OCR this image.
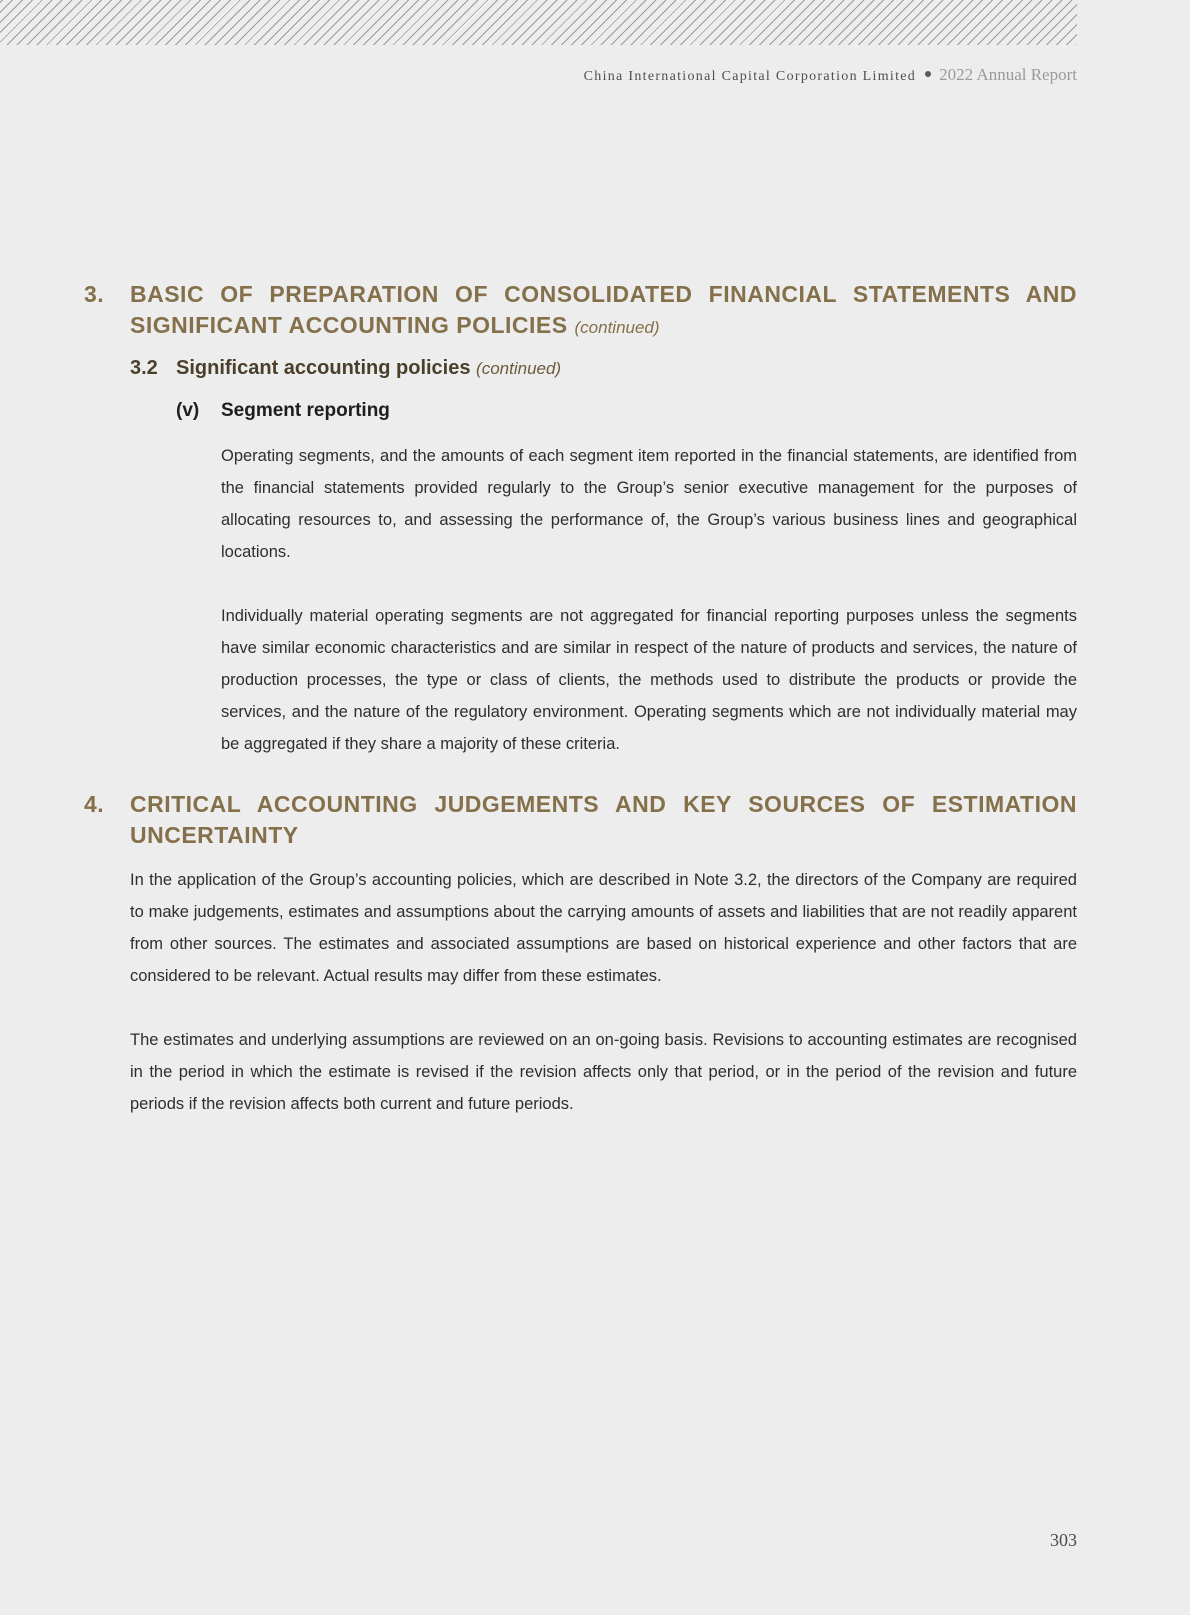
China International Capital Corporation Limited 2022 Annual Report
3. BASIC OF PREPARATION OF CONSOLIDATED FINANCIAL STATEMENTS AND SIGNIFICANT ACCOUNTING POLICIES (continued)
3.2 Significant accounting policies (continued)
(v) Segment reporting
Operating segments, and the amounts of each segment item reported in the financial statements, are identified from the financial statements provided regularly to the Group’s senior executive management for the purposes of allocating resources to, and assessing the performance of, the Group’s various business lines and geographical locations.
Individually material operating segments are not aggregated for financial reporting purposes unless the segments have similar economic characteristics and are similar in respect of the nature of products and services, the nature of production processes, the type or class of clients, the methods used to distribute the products or provide the services, and the nature of the regulatory environment. Operating segments which are not individually material may be aggregated if they share a majority of these criteria.
4. CRITICAL ACCOUNTING JUDGEMENTS AND KEY SOURCES OF ESTIMATION UNCERTAINTY
In the application of the Group’s accounting policies, which are described in Note 3.2, the directors of the Company are required to make judgements, estimates and assumptions about the carrying amounts of assets and liabilities that are not readily apparent from other sources. The estimates and associated assumptions are based on historical experience and other factors that are considered to be relevant. Actual results may differ from these estimates.
The estimates and underlying assumptions are reviewed on an on-going basis. Revisions to accounting estimates are recognised in the period in which the estimate is revised if the revision affects only that period, or in the period of the revision and future periods if the revision affects both current and future periods.
303
